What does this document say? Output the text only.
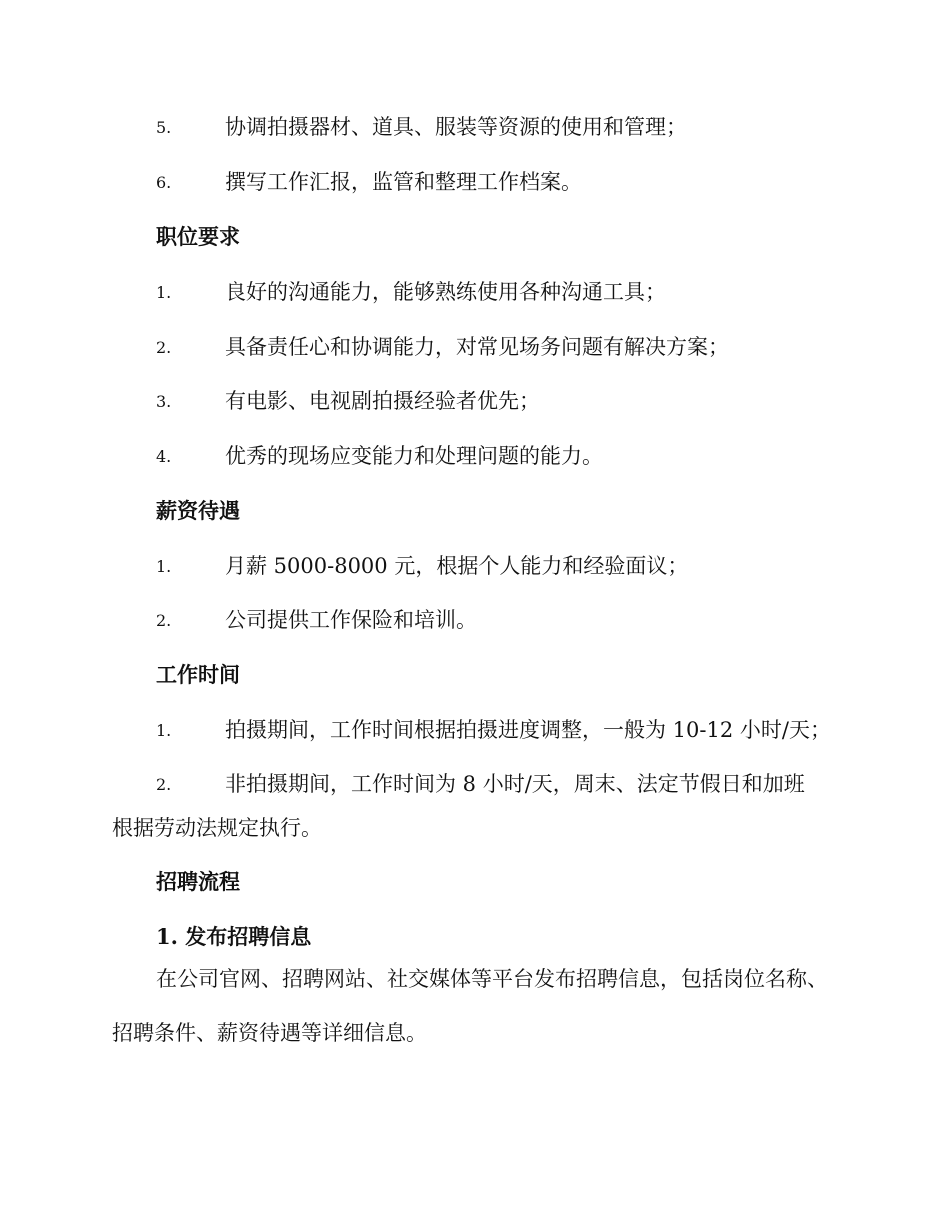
5.	协调拍摄器材、道具、服装等资源的使用和管理；
6.	撰写工作汇报，监管和整理工作档案。
职位要求
1.	良好的沟通能力，能够熟练使用各种沟通工具；
2.	具备责任心和协调能力，对常见场务问题有解决方案；
3.	有电影、电视剧拍摄经验者优先；
4.	优秀的现场应变能力和处理问题的能力。
薪资待遇
1.	月薪 5000-8000 元，根据个人能力和经验面议；
2.	公司提供工作保险和培训。
工作时间
1.	拍摄期间，工作时间根据拍摄进度调整，一般为 10-12 小时/天；
2.	非拍摄期间，工作时间为 8 小时/天，周末、法定节假日和加班
根据劳动法规定执行。
招聘流程
1. 发布招聘信息

在公司官网、招聘网站、社交媒体等平台发布招聘信息，包括岗位名称、招聘条件、薪资待遇等详细信息。
